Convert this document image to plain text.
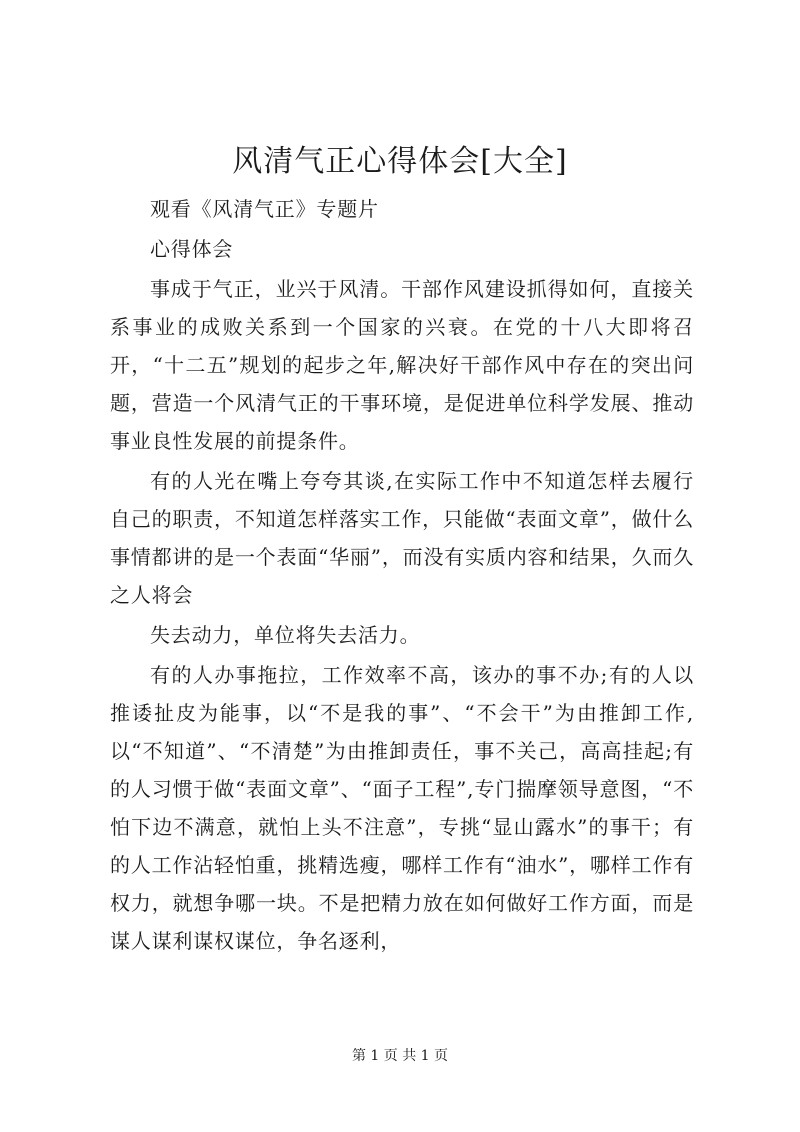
风清气正心得体会[大全]

观看《风清气正》专题片

心得体会

事成于气正，业兴于风清。干部作风建设抓得如何，直接关系事业的成败关系到一个国家的兴衰。在党的十八大即将召开，“十二五”规划的起步之年,解决好干部作风中存在的突出问题，营造一个风清气正的干事环境，是促进单位科学发展、推动事业良性发展的前提条件。

有的人光在嘴上夸夸其谈,在实际工作中不知道怎样去履行自己的职责，不知道怎样落实工作，只能做“表面文章”，做什么事情都讲的是一个表面“华丽”，而没有实质内容和结果，久而久之人将会

失去动力，单位将失去活力。

有的人办事拖拉，工作效率不高，该办的事不办;有的人以推诿扯皮为能事，以“不是我的事”、“不会干”为由推卸工作,以“不知道”、“不清楚”为由推卸责任，事不关己，高高挂起;有的人习惯于做“表面文章”、“面子工程”,专门揣摩领导意图，“不怕下边不满意，就怕上头不注意”，专挑“显山露水”的事干；有的人工作沾轻怕重，挑精选瘦，哪样工作有“油水”，哪样工作有权力，就想争哪一块。不是把精力放在如何做好工作方面，而是谋人谋利谋权谋位，争名逐利，

第 1 页 共 1 页
